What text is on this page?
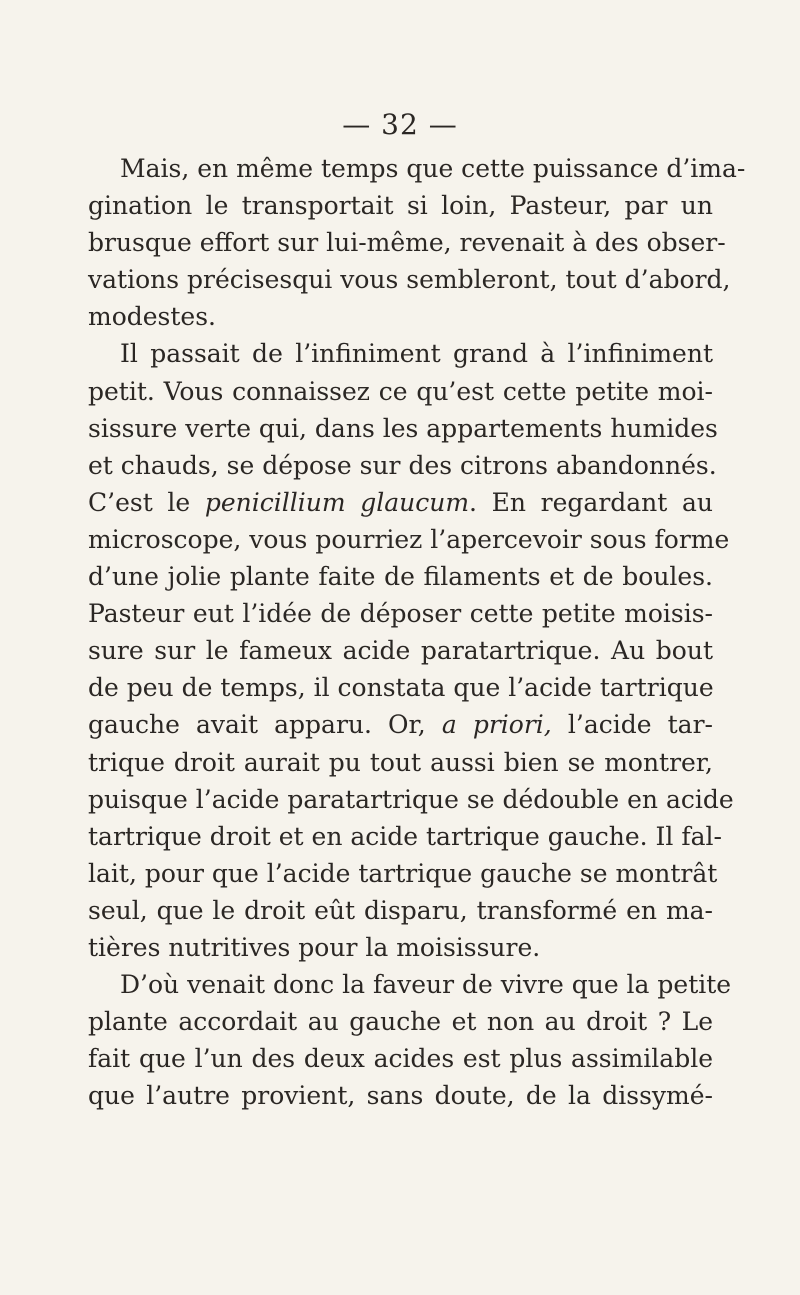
— 32 —
Mais, en même temps que cette puissance d’ima-
gination le transportait si loin, Pasteur, par un
brusque effort sur lui-même, revenait à des obser-
vations précisesqui vous sembleront, tout d’abord,
modestes.
Il passait de l’infiniment grand à l’infiniment
petit. Vous connaissez ce qu’est cette petite moi-
sissure verte qui, dans les appartements humides
et chauds, se dépose sur des citrons abandonnés.
C’est le penicillium glaucum. En regardant au
microscope, vous pourriez l’apercevoir sous forme
d’une jolie plante faite de filaments et de boules.
Pasteur eut l’idée de déposer cette petite moisis-
sure sur le fameux acide paratartrique. Au bout
de peu de temps, il constata que l’acide tartrique
gauche avait apparu. Or, a priori, l’acide tar-
trique droit aurait pu tout aussi bien se montrer,
puisque l’acide paratartrique se dédouble en acide
tartrique droit et en acide tartrique gauche. Il fal-
lait, pour que l’acide tartrique gauche se montrât
seul, que le droit eût disparu, transformé en ma-
tières nutritives pour la moisissure.
D’où venait donc la faveur de vivre que la petite
plante accordait au gauche et non au droit ? Le
fait que l’un des deux acides est plus assimilable
que l’autre provient, sans doute, de la dissymé-
